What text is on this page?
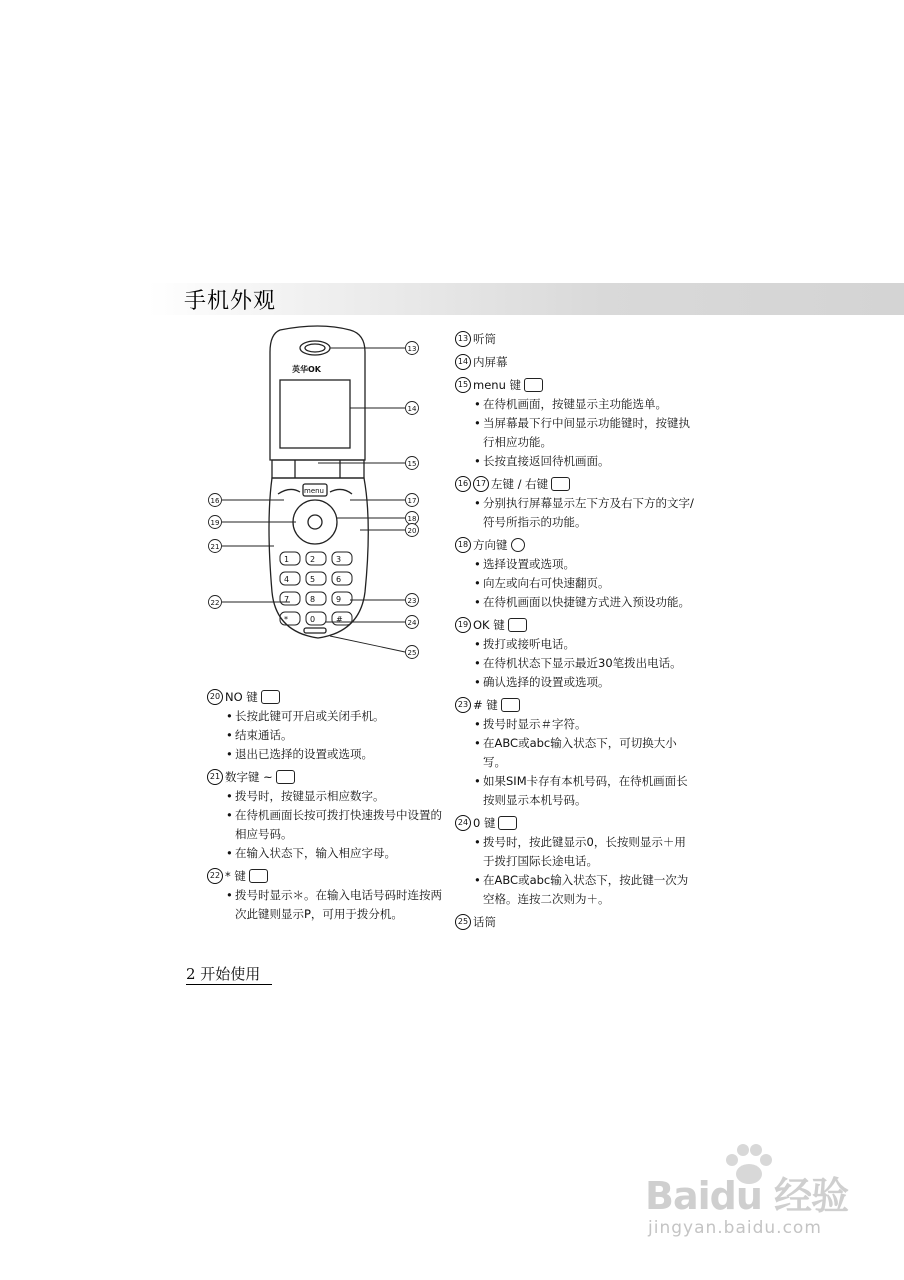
手机外观
英华OK
menu
1	2	3
4	5	6
7	8	9
*	0	#
13
14
15
16	17
18
19
20
21
22	23
24
25
13 听筒
14 内屏幕
15 menu 键
• 在待机画面，按键显示主功能选单。
• 当屏幕最下行中间显示功能键时，按键执行相应功能。
• 长按直接返回待机画面。
16 17 左键 / 右键
• 分别执行屏幕显示左下方及右下方的文字/符号所指示的功能。
18 方向键
• 选择设置或选项。
• 向左或向右可快速翻页。
• 在待机画面以快捷键方式进入预设功能。
19 OK 键
• 拨打或接听电话。
• 在待机状态下显示最近30笔拨出电话。
• 确认选择的设置或选项。
23 # 键
• 拨号时显示＃字符。
• 在ABC或abc输入状态下，可切换大小写。
• 如果SIM卡存有本机号码，在待机画面长按则显示本机号码。
24 0 键
• 拨号时，按此键显示0，长按则显示＋用于拨打国际长途电话。
• 在ABC或abc输入状态下，按此键一次为空格。连按二次则为＋。
25 话筒
20 NO 键
• 长按此键可开启或关闭手机。
• 结束通话。
• 退出已选择的设置或选项。
21 数字键 ~
• 拨号时，按键显示相应数字。
• 在待机画面长按可拨打快速拨号中设置的相应号码。
• 在输入状态下，输入相应字母。
22 * 键
• 拨号时显示＊。在输入电话号码时连按两次此键则显示P，可用于拨分机。
2 开始使用
Baidu 经验
jingyan.baidu.com
